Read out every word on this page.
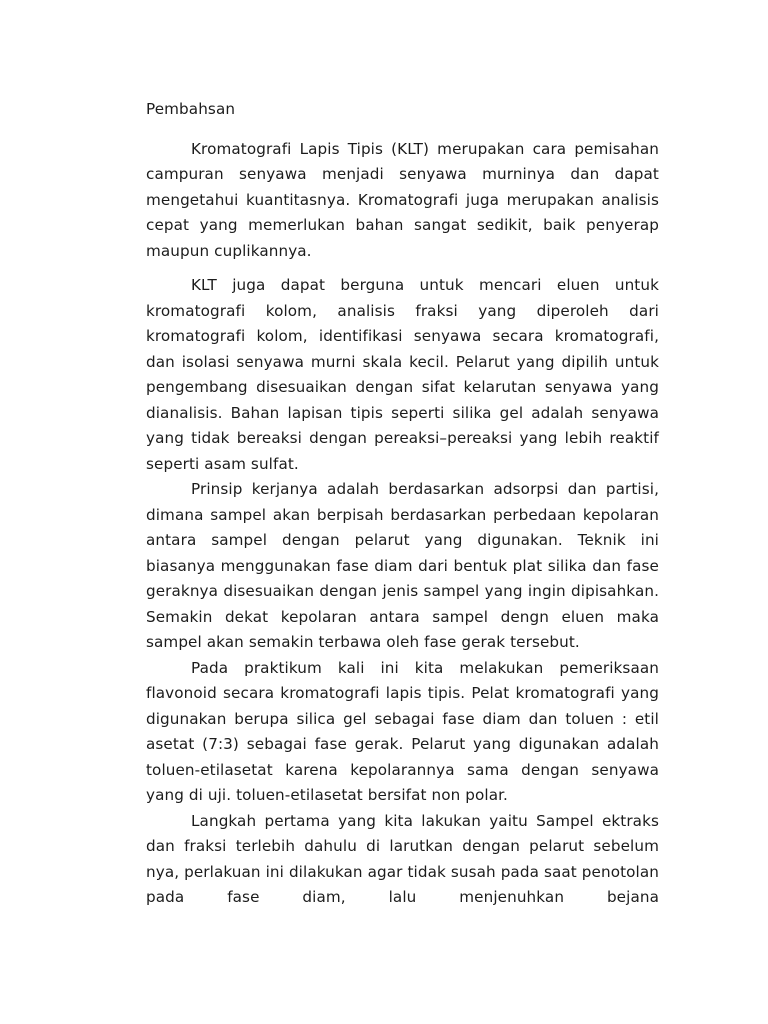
Pembahsan

Kromatografi Lapis Tipis (KLT) merupakan cara pemisahan campuran senyawa menjadi senyawa murninya dan dapat mengetahui kuantitasnya. Kromatografi juga merupakan analisis cepat yang memerlukan bahan sangat sedikit, baik penyerap maupun cuplikannya.

KLT juga dapat berguna untuk mencari eluen untuk kromatografi kolom, analisis fraksi yang diperoleh dari kromatografi kolom, identifikasi senyawa secara kromatografi, dan isolasi senyawa murni skala kecil. Pelarut yang dipilih untuk pengembang disesuaikan dengan sifat kelarutan senyawa yang dianalisis. Bahan lapisan tipis seperti silika gel adalah senyawa yang tidak bereaksi dengan pereaksi–pereaksi yang lebih reaktif seperti asam sulfat.

Prinsip kerjanya adalah berdasarkan adsorpsi dan partisi, dimana sampel akan berpisah berdasarkan perbedaan kepolaran antara sampel dengan pelarut yang digunakan. Teknik ini biasanya menggunakan fase diam dari bentuk plat silika dan fase geraknya disesuaikan dengan jenis sampel yang ingin dipisahkan. Semakin dekat kepolaran antara sampel dengn eluen maka sampel akan semakin terbawa oleh fase gerak tersebut.

Pada praktikum kali ini kita melakukan pemeriksaan flavonoid secara kromatografi lapis tipis. Pelat kromatografi yang digunakan berupa silica gel sebagai fase diam dan toluen : etil asetat (7:3) sebagai fase gerak. Pelarut yang digunakan adalah toluen-etilasetat karena kepolarannya sama dengan senyawa yang di uji. toluen-etilasetat bersifat non polar.

Langkah pertama yang kita lakukan yaitu Sampel ektraks dan fraksi terlebih dahulu di larutkan dengan pelarut sebelum nya, perlakuan ini dilakukan agar tidak susah pada saat penotolan pada fase diam, lalu menjenuhkan bejana
